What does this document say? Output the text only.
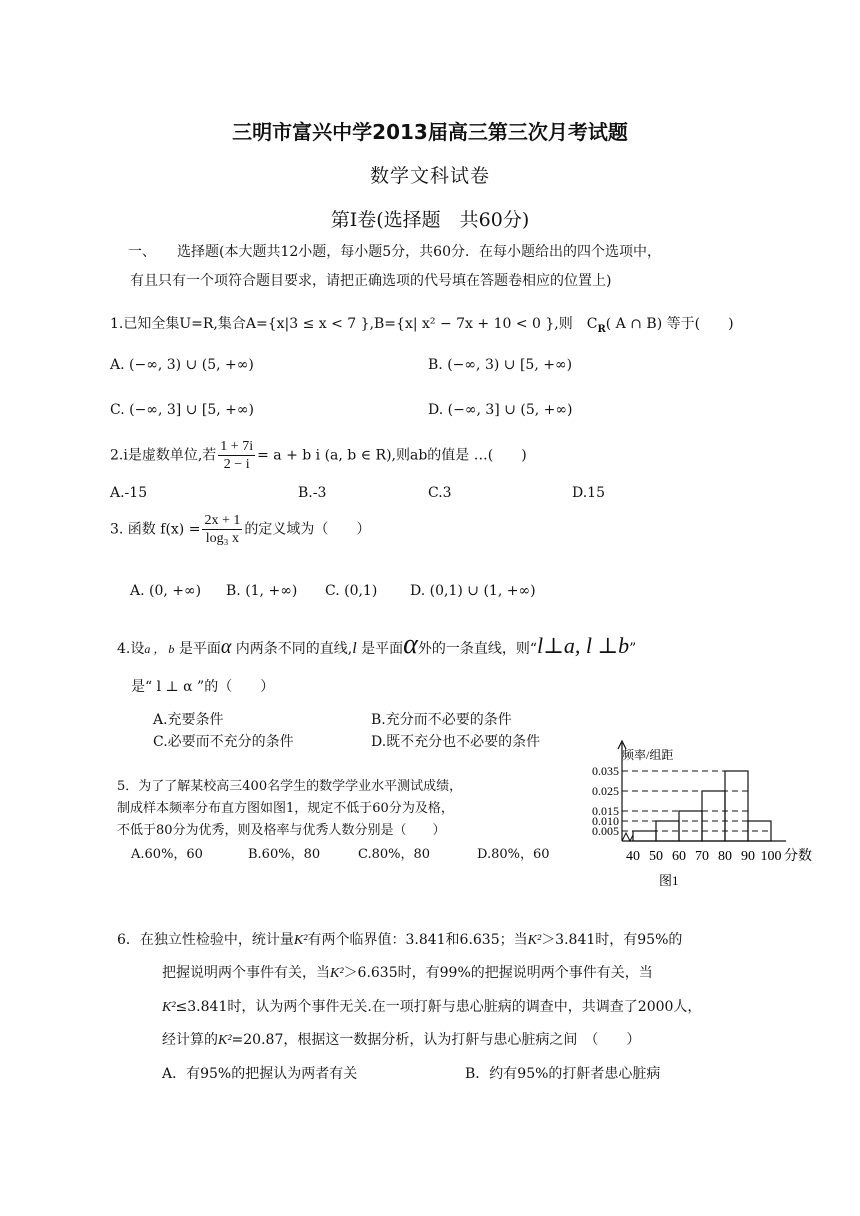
三明市富兴中学2013届高三第三次月考试题
数学文科试卷
第Ⅰ卷(选择题　共60分)
一、　　选择题(本大题共12小题，每小题5分，共60分．在每小题给出的四个选项中，
有且只有一个项符合题目要求，请把正确选项的代号填在答题卷相应的位置上)
1.已知全集U=R,集合A={x|3 ≤ x < 7 },B={x| x² − 7x + 10 < 0 },则　$C_R$( A ∩ B) 等于(　　)
A. (−∞, 3) ∪ (5, +∞)	B. (−∞, 3) ∪ [5, +∞)
C. (−∞, 3] ∪ [5, +∞)	D. (−∞, 3] ∪ (5, +∞)
2.i是虚数单位,若 $\frac{1 + 7i}{2 - i} = a + b$ i (a, b ∈ R),则ab的值是 …(　　)
A.-15	B.-3	C.3	D.15
3. 函数 $f(x) = \frac{2x + 1}{\text{log₃ x}}$ 的定义域为（　　）
A. (0, +∞) B. (1, +∞) C. (0,1) D. (0,1) ∪ (1, +∞)
4.设a ， b 是平面α 内两条不同的直线,l 是平面α外的一条直线，则“l⊥a, l ⊥b”
是“ l ⊥ α ”的（　　）
A.充要条件	B.充分而不必要的条件
C.必要而不充分的条件	D.既不充分也不必要的条件
5．为了了解某校高三400名学生的数学学业水平测试成绩，
制成样本频率分布直方图如图1，规定不低于60分为及格，
不低于80分为优秀，则及格率与优秀人数分别是（　　）
A.60%，60	B.60%，80	C.80%，80	D.80%，60
0.005
0.010
0.015
0.025
0.035
40 50 60 70 80 90 100
频率/组距
分数
图1
6．在独立性检验中，统计量K²有两个临界值：3.841和6.635；当K²＞3.841时，有95%的
把握说明两个事件有关，当K²＞6.635时，有99%的把握说明两个事件有关，当
K²≤3.841时，认为两个事件无关.在一项打鼾与患心脏病的调查中，共调查了2000人，
经计算的K²=20.87，根据这一数据分析，认为打鼾与患心脏病之间　（　　）
A．有95%的把握认为两者有关	B．约有95%的打鼾者患心脏病
